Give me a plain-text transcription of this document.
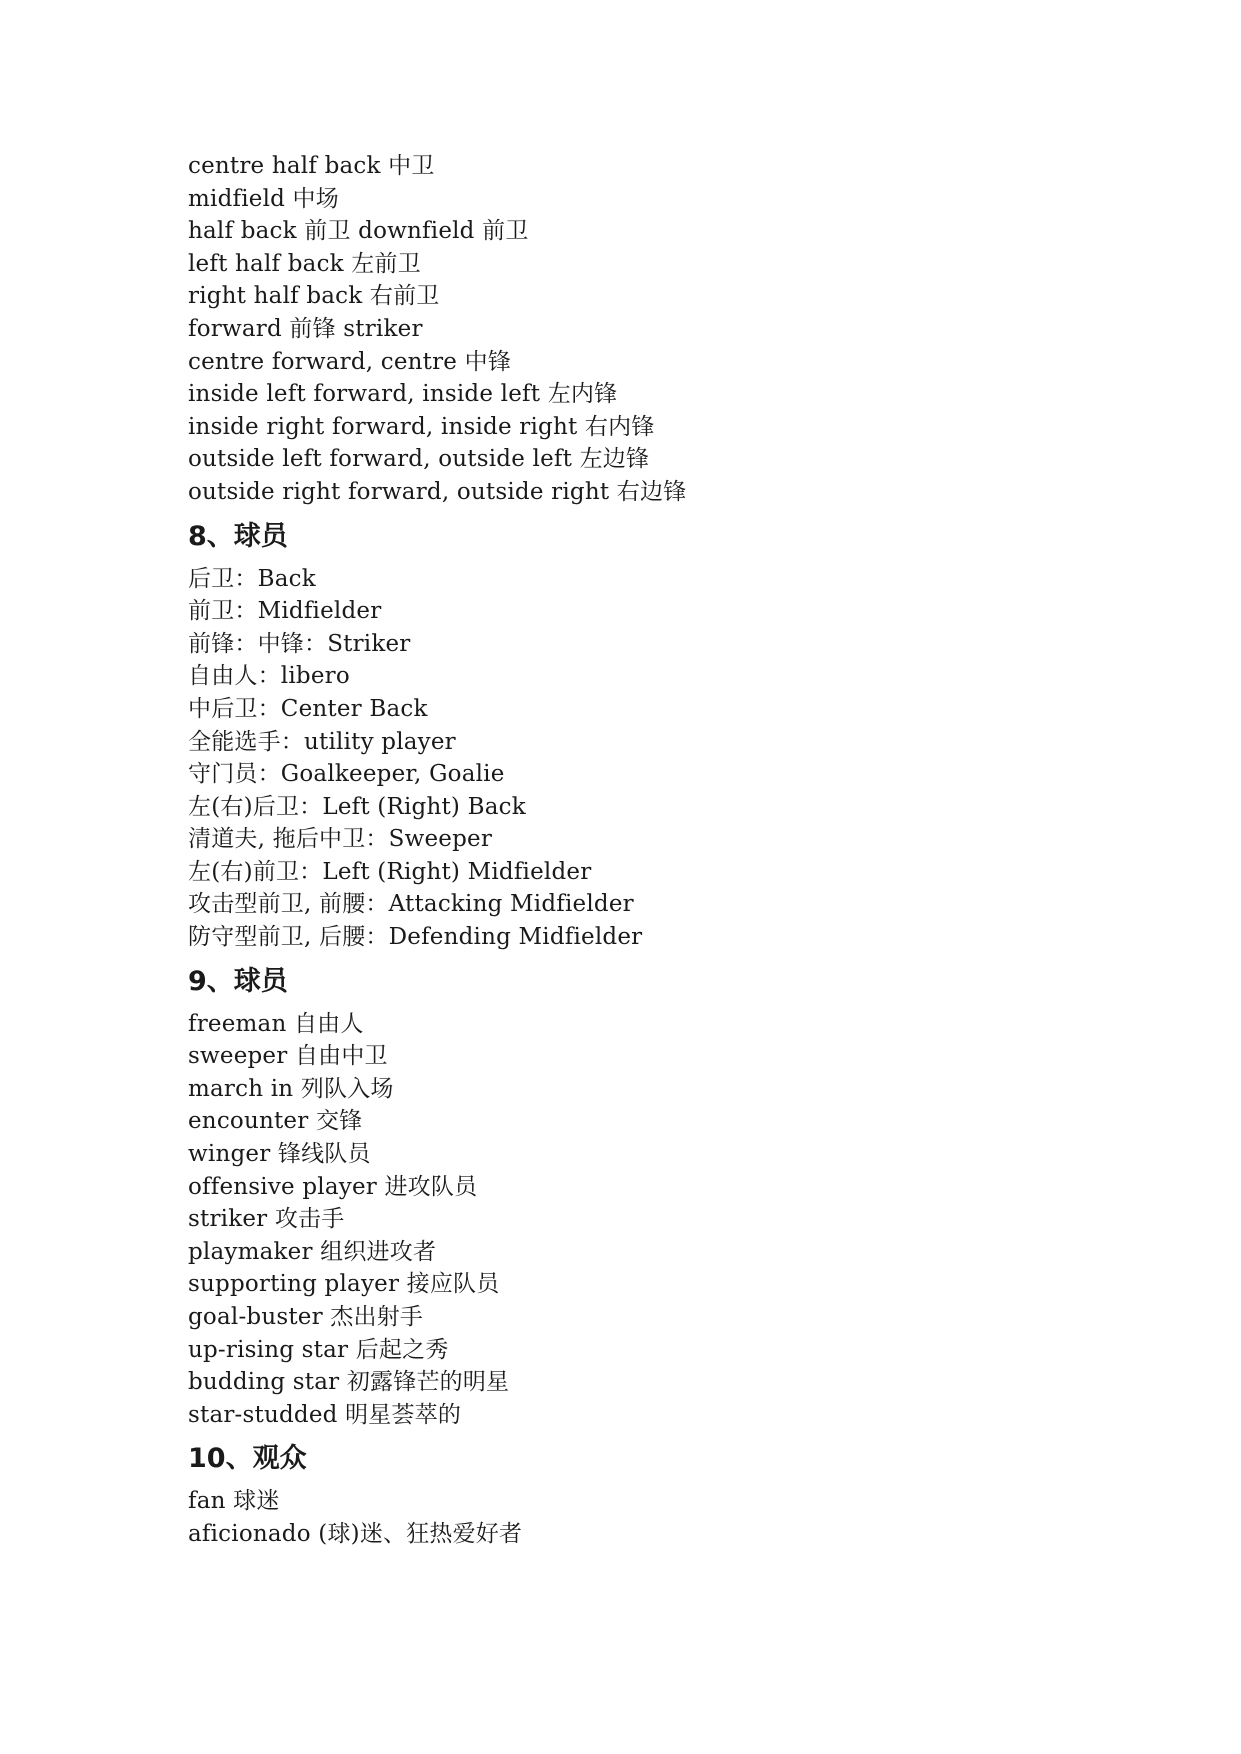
centre half back 中卫
midfield 中场
half back 前卫 downfield 前卫
left half back 左前卫
right half back 右前卫
forward 前锋 striker
centre forward, centre 中锋
inside left forward, inside left 左内锋
inside right forward, inside right 右内锋
outside left forward, outside left 左边锋
outside right forward, outside right 右边锋
8、球员
后卫：Back
前卫：Midfielder
前锋：中锋：Striker
自由人：libero
中后卫：Center Back
全能选手：utility player
守门员：Goalkeeper, Goalie
左(右)后卫：Left (Right) Back
清道夫, 拖后中卫：Sweeper
左(右)前卫：Left (Right) Midfielder
攻击型前卫, 前腰：Attacking Midfielder
防守型前卫, 后腰：Defending Midfielder
9、球员
freeman 自由人
sweeper 自由中卫
march in 列队入场
encounter 交锋
winger 锋线队员
offensive player 进攻队员
striker 攻击手
playmaker 组织进攻者
supporting player 接应队员
goal-buster 杰出射手
up-rising star 后起之秀
budding star 初露锋芒的明星
star-studded 明星荟萃的
10、观众
fan 球迷
aficionado (球)迷、狂热爱好者
